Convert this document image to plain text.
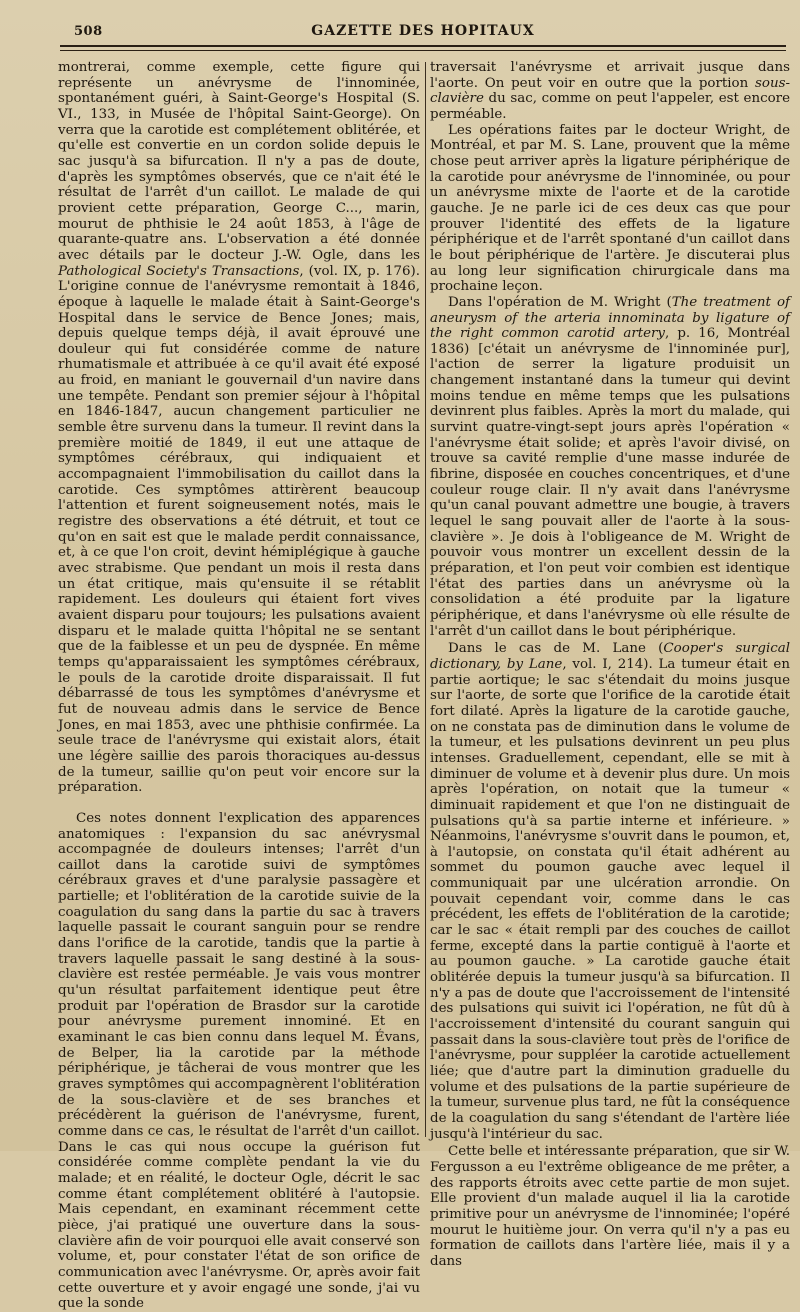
508	GAZETTE DES HOPITAUX

montrerai, comme exemple, cette figure qui représente un anévrysme de l'innominée, spontanément guéri, à Saint-George's Hospital (S. VI., 133, in Musée de l'hôpital Saint-George). On verra que la carotide est complétement oblitérée, et qu'elle est convertie en un cordon solide depuis le sac jusqu'à sa bifurcation. Il n'y a pas de doute, d'après les symptômes observés, que ce n'ait été le résultat de l'arrêt d'un caillot. Le malade de qui provient cette préparation, George C..., marin, mourut de phthisie le 24 août 1853, à l'âge de quarante-quatre ans. L'observation a été donnée avec détails par le docteur J.-W. Ogle, dans les Pathological Society's Transactions, (vol. IX, p. 176). L'origine connue de l'anévrysme remontait à 1846, époque à laquelle le malade était à Saint-George's Hospital dans le service de Bence Jones; mais, depuis quelque temps déjà, il avait éprouvé une douleur qui fut considérée comme de nature rhumatismale et attribuée à ce qu'il avait été exposé au froid, en maniant le gouvernail d'un navire dans une tempête. Pendant son premier séjour à l'hôpital en 1846-1847, aucun changement particulier ne semble être survenu dans la tumeur. Il revint dans la première moitié de 1849, il eut une attaque de symptômes cérébraux, qui indiquaient et accompagnaient l'immobilisation du caillot dans la carotide. Ces symptômes attirèrent beaucoup l'attention et furent soigneusement notés, mais le registre des observations a été détruit, et tout ce qu'on en sait est que le malade perdit connaissance, et, à ce que l'on croit, devint hémiplégique à gauche avec strabisme. Que pendant un mois il resta dans un état critique, mais qu'ensuite il se rétablit rapidement. Les douleurs qui étaient fort vives avaient disparu pour toujours; les pulsations avaient disparu et le malade quitta l'hôpital ne se sentant que de la faiblesse et un peu de dyspnée. En même temps qu'apparaissaient les symptômes cérébraux, le pouls de la carotide droite disparaissait. Il fut débarrassé de tous les symptômes d'anévrysme et fut de nouveau admis dans le service de Bence Jones, en mai 1853, avec une phthisie confirmée. La seule trace de l'anévrysme qui existait alors, était une légère saillie des parois thoraciques au-dessus de la tumeur, saillie qu'on peut voir encore sur la préparation.

Ces notes donnent l'explication des apparences anatomiques : l'expansion du sac anévrysmal accompagnée de douleurs intenses; l'arrêt d'un caillot dans la carotide suivi de symptômes cérébraux graves et d'une paralysie passagère et partielle; et l'oblitération de la carotide suivie de la coagulation du sang dans la partie du sac à travers laquelle passait le courant sanguin pour se rendre dans l'orifice de la carotide, tandis que la partie à travers laquelle passait le sang destiné à la sous-clavière est restée perméable. Je vais vous montrer qu'un résultat parfaitement identique peut être produit par l'opération de Brasdor sur la carotide pour anévrysme purement innominé. Et en examinant le cas bien connu dans lequel M. Évans, de Belper, lia la carotide par la méthode périphérique, je tâcherai de vous montrer que les graves symptômes qui accompagnèrent l'oblitération de la sous-clavière et de ses branches et précédèrent la guérison de l'anévrysme, furent, comme dans ce cas, le résultat de l'arrêt d'un caillot. Dans le cas qui nous occupe la guérison fut considérée comme complète pendant la vie du malade; et en réalité, le docteur Ogle, décrit le sac comme étant complétement oblitéré à l'autopsie. Mais cependant, en examinant récemment cette pièce, j'ai pratiqué une ouverture dans la sous-clavière afin de voir pourquoi elle avait conservé son volume, et, pour constater l'état de son orifice de communication avec l'anévrysme. Or, après avoir fait cette ouverture et y avoir engagé une sonde, j'ai vu que la sonde

traversait l'anévrysme et arrivait jusque dans l'aorte. On peut voir en outre que la portion sous-clavière du sac, comme on peut l'appeler, est encore perméable.

Les opérations faites par le docteur Wright, de Montréal, et par M. S. Lane, prouvent que la même chose peut arriver après la ligature périphérique de la carotide pour anévrysme de l'innominée, ou pour un anévrysme mixte de l'aorte et de la carotide gauche. Je ne parle ici de ces deux cas que pour prouver l'identité des effets de la ligature périphérique et de l'arrêt spontané d'un caillot dans le bout périphérique de l'artère. Je discuterai plus au long leur signification chirurgicale dans ma prochaine leçon.

Dans l'opération de M. Wright (The treatment of aneurysm of the arteria innominata by ligature of the right common carotid artery, p. 16, Montréal 1836) [c'était un anévrysme de l'innominée pur], l'action de serrer la ligature produisit un changement instantané dans la tumeur qui devint moins tendue en même temps que les pulsations devinrent plus faibles. Après la mort du malade, qui survint quatre-vingt-sept jours après l'opération « l'anévrysme était solide; et après l'avoir divisé, on trouve sa cavité remplie d'une masse indurée de fibrine, disposée en couches concentriques, et d'une couleur rouge clair. Il n'y avait dans l'anévrysme qu'un canal pouvant admettre une bougie, à travers lequel le sang pouvait aller de l'aorte à la sous-clavière ». Je dois à l'obligeance de M. Wright de pouvoir vous montrer un excellent dessin de la préparation, et l'on peut voir combien est identique l'état des parties dans un anévrysme où la consolidation a été produite par la ligature périphérique, et dans l'anévrysme où elle résulte de l'arrêt d'un caillot dans le bout périphérique.

Dans le cas de M. Lane (Cooper's surgical dictionary, by Lane, vol. I, 214). La tumeur était en partie aortique; le sac s'étendait du moins jusque sur l'aorte, de sorte que l'orifice de la carotide était fort dilaté. Après la ligature de la carotide gauche, on ne constata pas de diminution dans le volume de la tumeur, et les pulsations devinrent un peu plus intenses. Graduellement, cependant, elle se mit à diminuer de volume et à devenir plus dure. Un mois après l'opération, on notait que la tumeur « diminuait rapidement et que l'on ne distinguait de pulsations qu'à sa partie interne et inférieure. » Néanmoins, l'anévrysme s'ouvrit dans le poumon, et, à l'autopsie, on constata qu'il était adhérent au sommet du poumon gauche avec lequel il communiquait par une ulcération arrondie. On pouvait cependant voir, comme dans le cas précédent, les effets de l'oblitération de la carotide; car le sac « était rempli par des couches de caillot ferme, excepté dans la partie contiguë à l'aorte et au poumon gauche. » La carotide gauche était oblitérée depuis la tumeur jusqu'à sa bifurcation. Il n'y a pas de doute que l'accroissement de l'intensité des pulsations qui suivit ici l'opération, ne fût dû à l'accroissement d'intensité du courant sanguin qui passait dans la sous-clavière tout près de l'orifice de l'anévrysme, pour suppléer la carotide actuellement liée; que d'autre part la diminution graduelle du volume et des pulsations de la partie supérieure de la tumeur, survenue plus tard, ne fût la conséquence de la coagulation du sang s'étendant de l'artère liée jusqu'à l'intérieur du sac.

Cette belle et intéressante préparation, que sir W. Fergusson a eu l'extrême obligeance de me prêter, a des rapports étroits avec cette partie de mon sujet. Elle provient d'un malade auquel il lia la carotide primitive pour un anévrysme de l'innominée; l'opéré mourut le huitième jour. On verra qu'il n'y a pas eu formation de caillots dans l'artère liée, mais il y a dans
